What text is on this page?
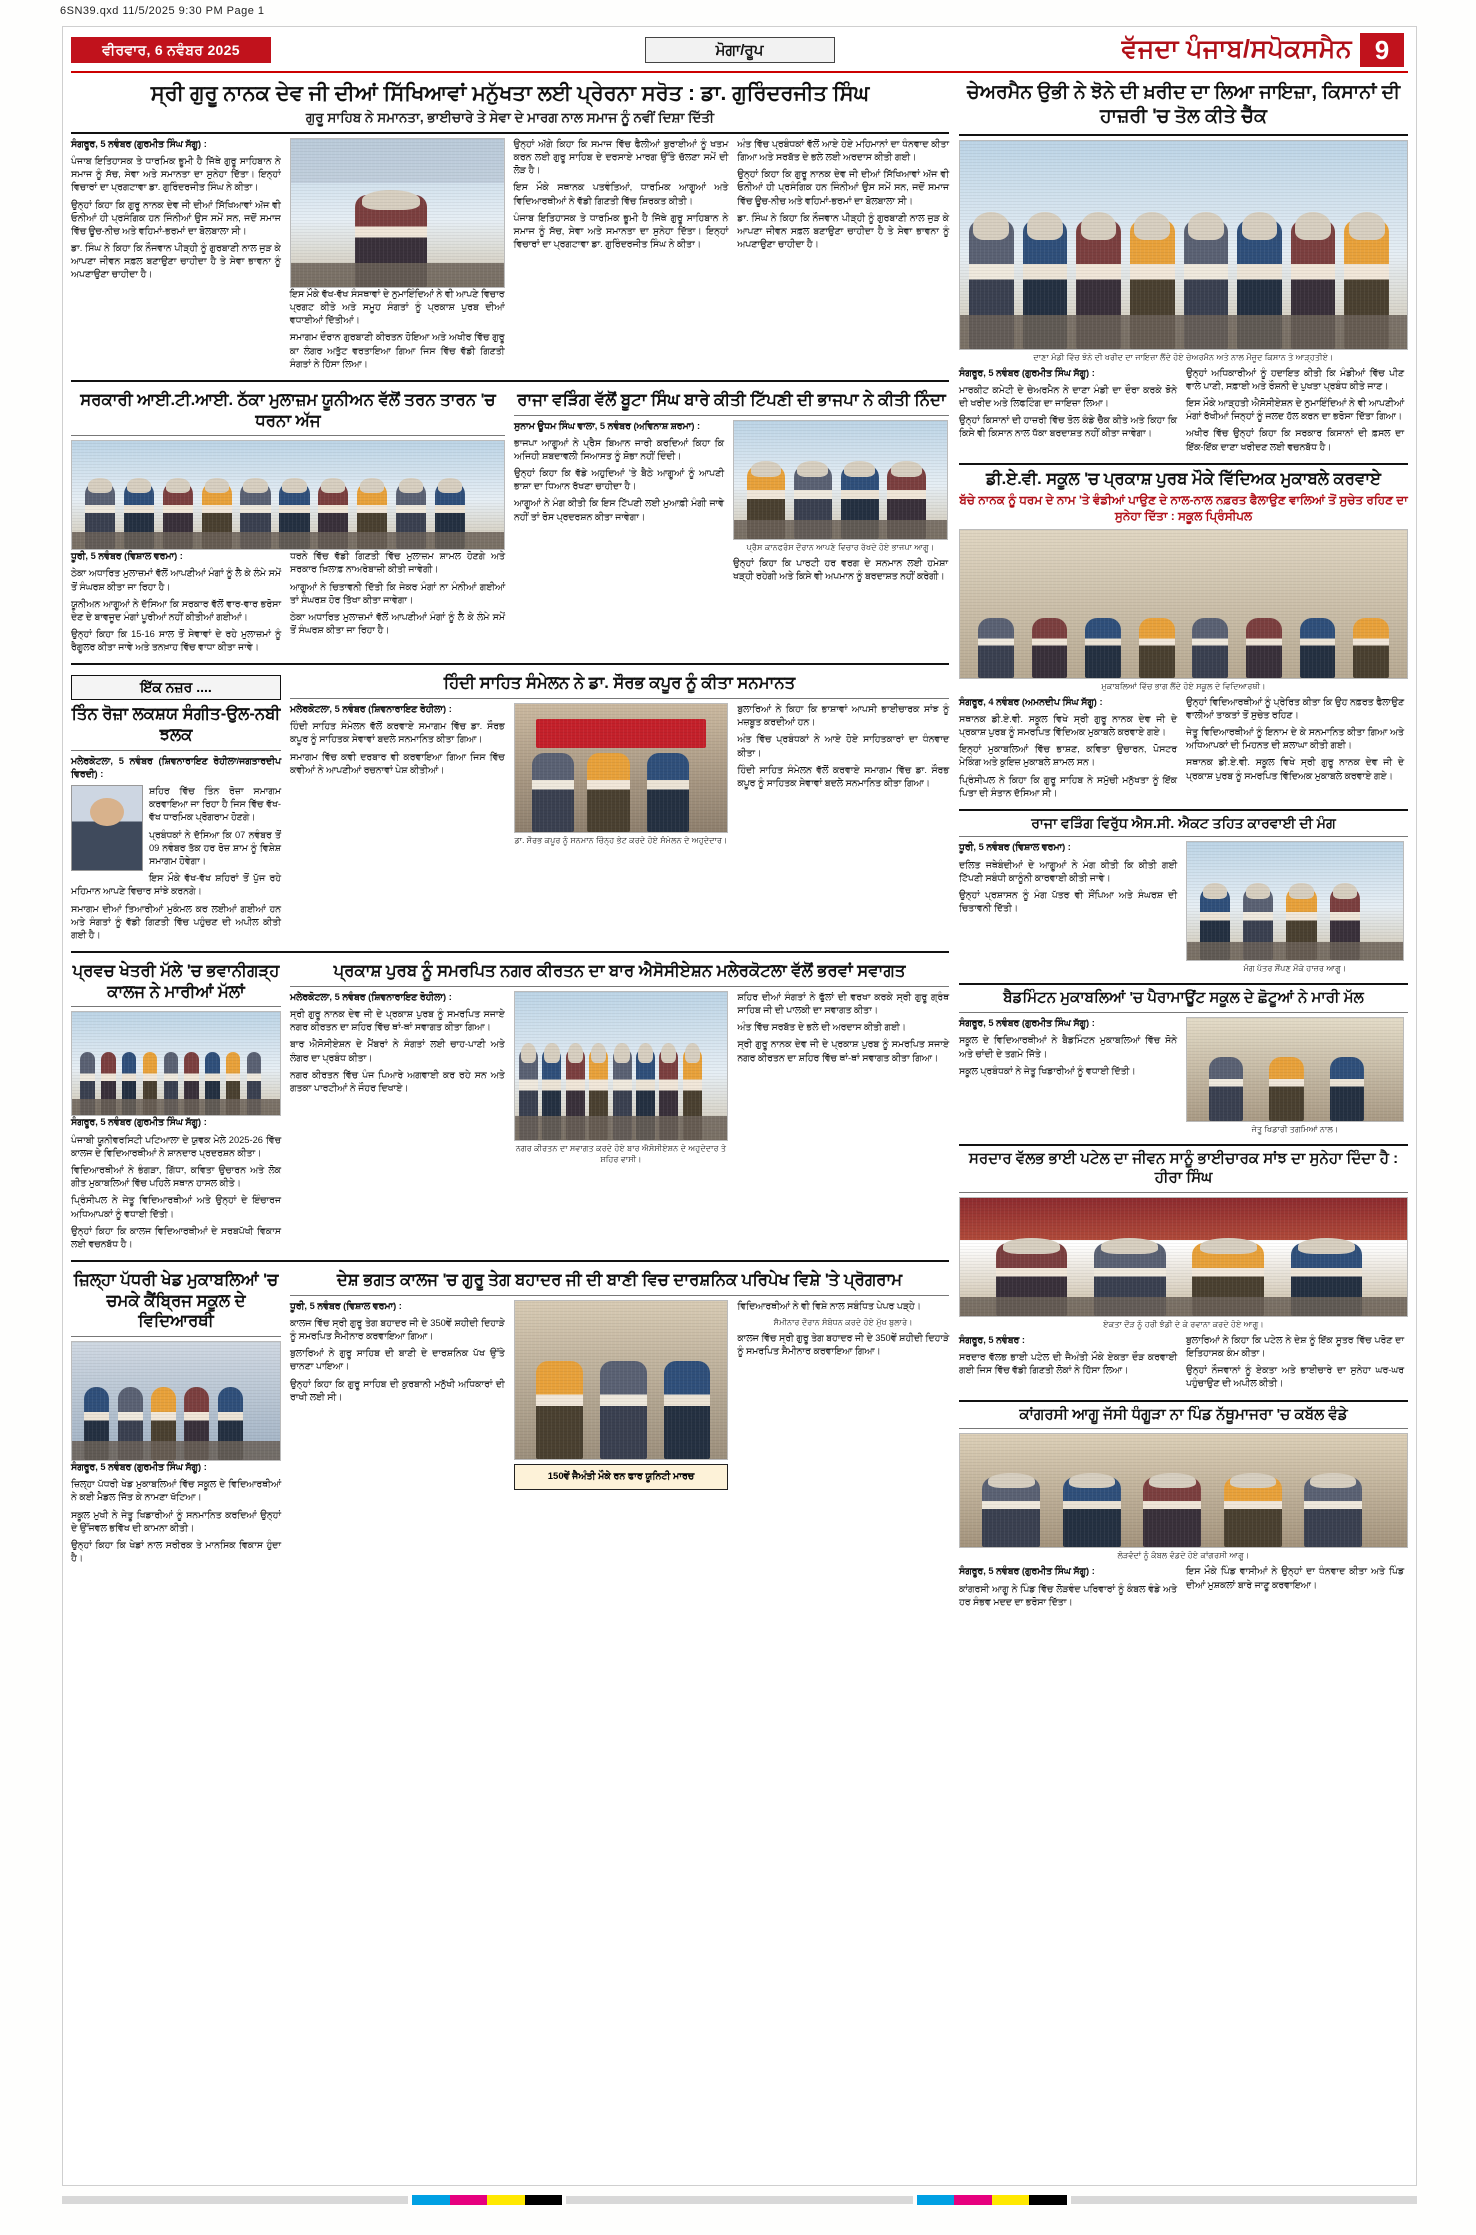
6SN39.qxd 11/5/2025 9:30 PM Page 1
ਵੀਰਵਾਰ, 6 ਨਵੰਬਰ 2025	ਮੋਗਾ/ਰੂਪ	ਵੱਜਦਾ ਪੰਜਾਬ/ਸਪੋਕਸਮੈਨ 9
ਸ੍ਰੀ ਗੁਰੂ ਨਾਨਕ ਦੇਵ ਜੀ ਦੀਆਂ ਸਿੱਖਿਆਵਾਂ ਮਨੁੱਖਤਾ ਲਈ ਪ੍ਰੇਰਨਾ ਸਰੋਤ : ਡਾ. ਗੁਰਿੰਦਰਜੀਤ ਸਿੰਘ
ਗੁਰੂ ਸਾਹਿਬ ਨੇ ਸਮਾਨਤਾ, ਭਾਈਚਾਰੇ ਤੇ ਸੇਵਾ ਦੇ ਮਾਰਗ ਨਾਲ ਸਮਾਜ ਨੂੰ ਨਵੀਂ ਦਿਸ਼ਾ ਦਿੱਤੀ

ਸੰਗਰੂਰ, 5 ਨਵੰਬਰ (ਗੁਰਮੀਤ ਸਿੰਘ ਸੱਗੂ) :

ਪੰਜਾਬ ਇਤਿਹਾਸਕ ਤੇ ਧਾਰਮਿਕ ਭੂਮੀ ਹੈ ਜਿੱਥੇ ਗੁਰੂ ਸਾਹਿਬਾਨ ਨੇ ਸਮਾਜ ਨੂੰ ਸੱਚ, ਸੇਵਾ ਅਤੇ ਸਮਾਨਤਾ ਦਾ ਸੁਨੇਹਾ ਦਿੱਤਾ। ਇਨ੍ਹਾਂ ਵਿਚਾਰਾਂ ਦਾ ਪ੍ਰਗਟਾਵਾ ਡਾ. ਗੁਰਿੰਦਰਜੀਤ ਸਿੰਘ ਨੇ ਕੀਤਾ।

ਉਨ੍ਹਾਂ ਕਿਹਾ ਕਿ ਗੁਰੂ ਨਾਨਕ ਦੇਵ ਜੀ ਦੀਆਂ ਸਿੱਖਿਆਵਾਂ ਅੱਜ ਵੀ ਓਨੀਆਂ ਹੀ ਪ੍ਰਸੰਗਿਕ ਹਨ ਜਿੰਨੀਆਂ ਉਸ ਸਮੇਂ ਸਨ, ਜਦੋਂ ਸਮਾਜ ਵਿੱਚ ਊਚ-ਨੀਚ ਅਤੇ ਵਹਿਮਾਂ-ਭਰਮਾਂ ਦਾ ਬੋਲਬਾਲਾ ਸੀ।

ਡਾ. ਸਿੰਘ ਨੇ ਕਿਹਾ ਕਿ ਨੌਜਵਾਨ ਪੀੜ੍ਹੀ ਨੂੰ ਗੁਰਬਾਣੀ ਨਾਲ ਜੁੜ ਕੇ ਆਪਣਾ ਜੀਵਨ ਸਫ਼ਲ ਬਣਾਉਣਾ ਚਾਹੀਦਾ ਹੈ ਤੇ ਸੇਵਾ ਭਾਵਨਾ ਨੂੰ ਅਪਣਾਉਣਾ ਚਾਹੀਦਾ ਹੈ।

ਇਸ ਮੌਕੇ ਵੱਖ-ਵੱਖ ਸੰਸਥਾਵਾਂ ਦੇ ਨੁਮਾਇੰਦਿਆਂ ਨੇ ਵੀ ਆਪਣੇ ਵਿਚਾਰ ਪ੍ਰਗਟ ਕੀਤੇ ਅਤੇ ਸਮੂਹ ਸੰਗਤਾਂ ਨੂੰ ਪ੍ਰਕਾਸ਼ ਪੁਰਬ ਦੀਆਂ ਵਧਾਈਆਂ ਦਿੱਤੀਆਂ।

ਸਮਾਗਮ ਦੌਰਾਨ ਗੁਰਬਾਣੀ ਕੀਰਤਨ ਹੋਇਆ ਅਤੇ ਅਖੀਰ ਵਿੱਚ ਗੁਰੂ ਕਾ ਲੰਗਰ ਅਤੁੱਟ ਵਰਤਾਇਆ ਗਿਆ ਜਿਸ ਵਿੱਚ ਵੱਡੀ ਗਿਣਤੀ ਸੰਗਤਾਂ ਨੇ ਹਿੱਸਾ ਲਿਆ।

ਉਨ੍ਹਾਂ ਅੱਗੇ ਕਿਹਾ ਕਿ ਸਮਾਜ ਵਿੱਚ ਫੈਲੀਆਂ ਬੁਰਾਈਆਂ ਨੂੰ ਖਤਮ ਕਰਨ ਲਈ ਗੁਰੂ ਸਾਹਿਬ ਦੇ ਦਰਸਾਏ ਮਾਰਗ ਉੱਤੇ ਚੱਲਣਾ ਸਮੇਂ ਦੀ ਲੋੜ ਹੈ।

ਇਸ ਮੌਕੇ ਸਥਾਨਕ ਪਤਵੰਤਿਆਂ, ਧਾਰਮਿਕ ਆਗੂਆਂ ਅਤੇ ਵਿਦਿਆਰਥੀਆਂ ਨੇ ਵੱਡੀ ਗਿਣਤੀ ਵਿੱਚ ਸ਼ਿਰਕਤ ਕੀਤੀ।

ਪੰਜਾਬ ਇਤਿਹਾਸਕ ਤੇ ਧਾਰਮਿਕ ਭੂਮੀ ਹੈ ਜਿੱਥੇ ਗੁਰੂ ਸਾਹਿਬਾਨ ਨੇ ਸਮਾਜ ਨੂੰ ਸੱਚ, ਸੇਵਾ ਅਤੇ ਸਮਾਨਤਾ ਦਾ ਸੁਨੇਹਾ ਦਿੱਤਾ। ਇਨ੍ਹਾਂ ਵਿਚਾਰਾਂ ਦਾ ਪ੍ਰਗਟਾਵਾ ਡਾ. ਗੁਰਿੰਦਰਜੀਤ ਸਿੰਘ ਨੇ ਕੀਤਾ।

ਅੰਤ ਵਿੱਚ ਪ੍ਰਬੰਧਕਾਂ ਵੱਲੋਂ ਆਏ ਹੋਏ ਮਹਿਮਾਨਾਂ ਦਾ ਧੰਨਵਾਦ ਕੀਤਾ ਗਿਆ ਅਤੇ ਸਰਬੱਤ ਦੇ ਭਲੇ ਲਈ ਅਰਦਾਸ ਕੀਤੀ ਗਈ।

ਉਨ੍ਹਾਂ ਕਿਹਾ ਕਿ ਗੁਰੂ ਨਾਨਕ ਦੇਵ ਜੀ ਦੀਆਂ ਸਿੱਖਿਆਵਾਂ ਅੱਜ ਵੀ ਓਨੀਆਂ ਹੀ ਪ੍ਰਸੰਗਿਕ ਹਨ ਜਿੰਨੀਆਂ ਉਸ ਸਮੇਂ ਸਨ, ਜਦੋਂ ਸਮਾਜ ਵਿੱਚ ਊਚ-ਨੀਚ ਅਤੇ ਵਹਿਮਾਂ-ਭਰਮਾਂ ਦਾ ਬੋਲਬਾਲਾ ਸੀ।

ਡਾ. ਸਿੰਘ ਨੇ ਕਿਹਾ ਕਿ ਨੌਜਵਾਨ ਪੀੜ੍ਹੀ ਨੂੰ ਗੁਰਬਾਣੀ ਨਾਲ ਜੁੜ ਕੇ ਆਪਣਾ ਜੀਵਨ ਸਫ਼ਲ ਬਣਾਉਣਾ ਚਾਹੀਦਾ ਹੈ ਤੇ ਸੇਵਾ ਭਾਵਨਾ ਨੂੰ ਅਪਣਾਉਣਾ ਚਾਹੀਦਾ ਹੈ।

ਸਰਕਾਰੀ ਆਈ.ਟੀ.ਆਈ. ਠੱਕਾ ਮੁਲਾਜ਼ਮ ਯੂਨੀਅਨ ਵੱਲੋਂ ਤਰਨ ਤਾਰਨ 'ਚ ਧਰਨਾ ਅੱਜ

ਧੂਰੀ, 5 ਨਵੰਬਰ (ਵਿਸ਼ਾਲ ਵਰਮਾ) :

ਠੇਕਾ ਅਧਾਰਿਤ ਮੁਲਾਜ਼ਮਾਂ ਵੱਲੋਂ ਆਪਣੀਆਂ ਮੰਗਾਂ ਨੂੰ ਲੈ ਕੇ ਲੰਮੇ ਸਮੇਂ ਤੋਂ ਸੰਘਰਸ਼ ਕੀਤਾ ਜਾ ਰਿਹਾ ਹੈ।

ਯੂਨੀਅਨ ਆਗੂਆਂ ਨੇ ਦੱਸਿਆ ਕਿ ਸਰਕਾਰ ਵੱਲੋਂ ਵਾਰ-ਵਾਰ ਭਰੋਸਾ ਦੇਣ ਦੇ ਬਾਵਜੂਦ ਮੰਗਾਂ ਪੂਰੀਆਂ ਨਹੀਂ ਕੀਤੀਆਂ ਗਈਆਂ।

ਉਨ੍ਹਾਂ ਕਿਹਾ ਕਿ 15-16 ਸਾਲ ਤੋਂ ਸੇਵਾਵਾਂ ਦੇ ਰਹੇ ਮੁਲਾਜ਼ਮਾਂ ਨੂੰ ਰੈਗੂਲਰ ਕੀਤਾ ਜਾਵੇ ਅਤੇ ਤਨਖ਼ਾਹ ਵਿੱਚ ਵਾਧਾ ਕੀਤਾ ਜਾਵੇ।

ਧਰਨੇ ਵਿੱਚ ਵੱਡੀ ਗਿਣਤੀ ਵਿੱਚ ਮੁਲਾਜ਼ਮ ਸ਼ਾਮਲ ਹੋਣਗੇ ਅਤੇ ਸਰਕਾਰ ਖ਼ਿਲਾਫ਼ ਨਾਅਰੇਬਾਜ਼ੀ ਕੀਤੀ ਜਾਵੇਗੀ।

ਆਗੂਆਂ ਨੇ ਚਿਤਾਵਨੀ ਦਿੱਤੀ ਕਿ ਜੇਕਰ ਮੰਗਾਂ ਨਾ ਮੰਨੀਆਂ ਗਈਆਂ ਤਾਂ ਸੰਘਰਸ਼ ਹੋਰ ਤਿੱਖਾ ਕੀਤਾ ਜਾਵੇਗਾ।

ਠੇਕਾ ਅਧਾਰਿਤ ਮੁਲਾਜ਼ਮਾਂ ਵੱਲੋਂ ਆਪਣੀਆਂ ਮੰਗਾਂ ਨੂੰ ਲੈ ਕੇ ਲੰਮੇ ਸਮੇਂ ਤੋਂ ਸੰਘਰਸ਼ ਕੀਤਾ ਜਾ ਰਿਹਾ ਹੈ।

ਰਾਜਾ ਵੜਿੰਗ ਵੱਲੋਂ ਬੂਟਾ ਸਿੰਘ ਬਾਰੇ ਕੀਤੀ ਟਿੱਪਣੀ ਦੀ ਭਾਜਪਾ ਨੇ ਕੀਤੀ ਨਿੰਦਾ

ਸੁਨਾਮ ਊਧਮ ਸਿੰਘ ਵਾਲਾ, 5 ਨਵੰਬਰ (ਅਵਿਨਾਸ਼ ਸ਼ਰਮਾ) :

ਭਾਜਪਾ ਆਗੂਆਂ ਨੇ ਪ੍ਰੈਸ ਬਿਆਨ ਜਾਰੀ ਕਰਦਿਆਂ ਕਿਹਾ ਕਿ ਅਜਿਹੀ ਸ਼ਬਦਾਵਲੀ ਸਿਆਸਤ ਨੂੰ ਸ਼ੋਭਾ ਨਹੀਂ ਦਿੰਦੀ।

ਉਨ੍ਹਾਂ ਕਿਹਾ ਕਿ ਵੱਡੇ ਅਹੁਦਿਆਂ 'ਤੇ ਬੈਠੇ ਆਗੂਆਂ ਨੂੰ ਆਪਣੀ ਭਾਸ਼ਾ ਦਾ ਧਿਆਨ ਰੱਖਣਾ ਚਾਹੀਦਾ ਹੈ।

ਆਗੂਆਂ ਨੇ ਮੰਗ ਕੀਤੀ ਕਿ ਇਸ ਟਿੱਪਣੀ ਲਈ ਮੁਆਫ਼ੀ ਮੰਗੀ ਜਾਵੇ ਨਹੀਂ ਤਾਂ ਰੋਸ ਪ੍ਰਦਰਸ਼ਨ ਕੀਤਾ ਜਾਵੇਗਾ।

ਪ੍ਰੈਸ ਕਾਨਫਰੰਸ ਦੌਰਾਨ ਆਪਣੇ ਵਿਚਾਰ ਰੱਖਦੇ ਹੋਏ ਭਾਜਪਾ ਆਗੂ।

ਉਨ੍ਹਾਂ ਕਿਹਾ ਕਿ ਪਾਰਟੀ ਹਰ ਵਰਗ ਦੇ ਸਨਮਾਨ ਲਈ ਹਮੇਸ਼ਾ ਖੜ੍ਹੀ ਰਹੇਗੀ ਅਤੇ ਕਿਸੇ ਵੀ ਅਪਮਾਨ ਨੂੰ ਬਰਦਾਸ਼ਤ ਨਹੀਂ ਕਰੇਗੀ।

ਇੱਕ ਨਜ਼ਰ ....
ਤਿੰਨ ਰੋਜ਼ਾ ਲਕਸ਼ਯ ਸੰਗੀਤ-ਉਲ-ਨਬੀ ਝਲਕ

ਮਲੇਰਕੋਟਲਾ, 5 ਨਵੰਬਰ (ਸ਼ਿਵਨਾਰਾਇਣ ਰੋਹੀਲਾ/ਜਗਤਾਰਦੀਪ ਵਿਰਦੀ) :

ਸ਼ਹਿਰ ਵਿੱਚ ਤਿੰਨ ਰੋਜ਼ਾ ਸਮਾਗਮ ਕਰਵਾਇਆ ਜਾ ਰਿਹਾ ਹੈ ਜਿਸ ਵਿੱਚ ਵੱਖ-ਵੱਖ ਧਾਰਮਿਕ ਪ੍ਰੋਗਰਾਮ ਹੋਣਗੇ।

ਪ੍ਰਬੰਧਕਾਂ ਨੇ ਦੱਸਿਆ ਕਿ 07 ਨਵੰਬਰ ਤੋਂ 09 ਨਵੰਬਰ ਤੱਕ ਹਰ ਰੋਜ਼ ਸ਼ਾਮ ਨੂੰ ਵਿਸ਼ੇਸ਼ ਸਮਾਗਮ ਹੋਵੇਗਾ।

ਇਸ ਮੌਕੇ ਵੱਖ-ਵੱਖ ਸ਼ਹਿਰਾਂ ਤੋਂ ਪੁੱਜ ਰਹੇ ਮਹਿਮਾਨ ਆਪਣੇ ਵਿਚਾਰ ਸਾਂਝੇ ਕਰਨਗੇ।

ਸਮਾਗਮ ਦੀਆਂ ਤਿਆਰੀਆਂ ਮੁਕੰਮਲ ਕਰ ਲਈਆਂ ਗਈਆਂ ਹਨ ਅਤੇ ਸੰਗਤਾਂ ਨੂੰ ਵੱਡੀ ਗਿਣਤੀ ਵਿੱਚ ਪਹੁੰਚਣ ਦੀ ਅਪੀਲ ਕੀਤੀ ਗਈ ਹੈ।

ਹਿੰਦੀ ਸਾਹਿਤ ਸੰਮੇਲਨ ਨੇ ਡਾ. ਸੌਰਭ ਕਪੂਰ ਨੂੰ ਕੀਤਾ ਸਨਮਾਨਤ

ਮਲੇਰਕੋਟਲਾ, 5 ਨਵੰਬਰ (ਸ਼ਿਵਨਾਰਾਇਣ ਰੋਹੀਲਾ) :

ਹਿੰਦੀ ਸਾਹਿਤ ਸੰਮੇਲਨ ਵੱਲੋਂ ਕਰਵਾਏ ਸਮਾਗਮ ਵਿੱਚ ਡਾ. ਸੌਰਭ ਕਪੂਰ ਨੂੰ ਸਾਹਿਤਕ ਸੇਵਾਵਾਂ ਬਦਲੇ ਸਨਮਾਨਿਤ ਕੀਤਾ ਗਿਆ।

ਸਮਾਗਮ ਵਿੱਚ ਕਵੀ ਦਰਬਾਰ ਵੀ ਕਰਵਾਇਆ ਗਿਆ ਜਿਸ ਵਿੱਚ ਕਵੀਆਂ ਨੇ ਆਪਣੀਆਂ ਰਚਨਾਵਾਂ ਪੇਸ਼ ਕੀਤੀਆਂ।

ਡਾ. ਸੌਰਭ ਕਪੂਰ ਨੂੰ ਸਨਮਾਨ ਚਿੰਨ੍ਹ ਭੇਟ ਕਰਦੇ ਹੋਏ ਸੰਮੇਲਨ ਦੇ ਅਹੁਦੇਦਾਰ।

ਬੁਲਾਰਿਆਂ ਨੇ ਕਿਹਾ ਕਿ ਭਾਸ਼ਾਵਾਂ ਆਪਸੀ ਭਾਈਚਾਰਕ ਸਾਂਝ ਨੂੰ ਮਜ਼ਬੂਤ ਕਰਦੀਆਂ ਹਨ।

ਅੰਤ ਵਿੱਚ ਪ੍ਰਬੰਧਕਾਂ ਨੇ ਆਏ ਹੋਏ ਸਾਹਿਤਕਾਰਾਂ ਦਾ ਧੰਨਵਾਦ ਕੀਤਾ।

ਹਿੰਦੀ ਸਾਹਿਤ ਸੰਮੇਲਨ ਵੱਲੋਂ ਕਰਵਾਏ ਸਮਾਗਮ ਵਿੱਚ ਡਾ. ਸੌਰਭ ਕਪੂਰ ਨੂੰ ਸਾਹਿਤਕ ਸੇਵਾਵਾਂ ਬਦਲੇ ਸਨਮਾਨਿਤ ਕੀਤਾ ਗਿਆ।

ਪ੍ਰਵਚ ਖੇਤਰੀ ਮੱਲੇ 'ਚ ਭਵਾਨੀਗੜ੍ਹ ਕਾਲਜ ਨੇ ਮਾਰੀਆਂ ਮੱਲਾਂ

ਸੰਗਰੂਰ, 5 ਨਵੰਬਰ (ਗੁਰਮੀਤ ਸਿੰਘ ਸੱਗੂ) :

ਪੰਜਾਬੀ ਯੂਨੀਵਰਸਿਟੀ ਪਟਿਆਲਾ ਦੇ ਯੁਵਕ ਮੇਲੇ 2025-26 ਵਿੱਚ ਕਾਲਜ ਦੇ ਵਿਦਿਆਰਥੀਆਂ ਨੇ ਸ਼ਾਨਦਾਰ ਪ੍ਰਦਰਸ਼ਨ ਕੀਤਾ।

ਵਿਦਿਆਰਥੀਆਂ ਨੇ ਭੰਗੜਾ, ਗਿੱਧਾ, ਕਵਿਤਾ ਉਚਾਰਨ ਅਤੇ ਲੋਕ ਗੀਤ ਮੁਕਾਬਲਿਆਂ ਵਿੱਚ ਪਹਿਲੇ ਸਥਾਨ ਹਾਸਲ ਕੀਤੇ।

ਪ੍ਰਿੰਸੀਪਲ ਨੇ ਜੇਤੂ ਵਿਦਿਆਰਥੀਆਂ ਅਤੇ ਉਨ੍ਹਾਂ ਦੇ ਇੰਚਾਰਜ ਅਧਿਆਪਕਾਂ ਨੂੰ ਵਧਾਈ ਦਿੱਤੀ।

ਉਨ੍ਹਾਂ ਕਿਹਾ ਕਿ ਕਾਲਜ ਵਿਦਿਆਰਥੀਆਂ ਦੇ ਸਰਬਪੱਖੀ ਵਿਕਾਸ ਲਈ ਵਚਨਬੱਧ ਹੈ।

ਪ੍ਰਕਾਸ਼ ਪੁਰਬ ਨੂੰ ਸਮਰਪਿਤ ਨਗਰ ਕੀਰਤਨ ਦਾ ਬਾਰ ਐਸੋਸੀਏਸ਼ਨ ਮਲੇਰਕੋਟਲਾ ਵੱਲੋਂ ਭਰਵਾਂ ਸਵਾਗਤ

ਮਲੇਰਕੋਟਲਾ, 5 ਨਵੰਬਰ (ਸ਼ਿਵਨਾਰਾਇਣ ਰੋਹੀਲਾ) :

ਸ੍ਰੀ ਗੁਰੂ ਨਾਨਕ ਦੇਵ ਜੀ ਦੇ ਪ੍ਰਕਾਸ਼ ਪੁਰਬ ਨੂੰ ਸਮਰਪਿਤ ਸਜਾਏ ਨਗਰ ਕੀਰਤਨ ਦਾ ਸ਼ਹਿਰ ਵਿੱਚ ਥਾਂ-ਥਾਂ ਸਵਾਗਤ ਕੀਤਾ ਗਿਆ।

ਬਾਰ ਐਸੋਸੀਏਸ਼ਨ ਦੇ ਮੈਂਬਰਾਂ ਨੇ ਸੰਗਤਾਂ ਲਈ ਚਾਹ-ਪਾਣੀ ਅਤੇ ਲੰਗਰ ਦਾ ਪ੍ਰਬੰਧ ਕੀਤਾ।

ਨਗਰ ਕੀਰਤਨ ਵਿੱਚ ਪੰਜ ਪਿਆਰੇ ਅਗਵਾਈ ਕਰ ਰਹੇ ਸਨ ਅਤੇ ਗਤਕਾ ਪਾਰਟੀਆਂ ਨੇ ਜੌਹਰ ਦਿਖਾਏ।

ਨਗਰ ਕੀਰਤਨ ਦਾ ਸਵਾਗਤ ਕਰਦੇ ਹੋਏ ਬਾਰ ਐਸੋਸੀਏਸ਼ਨ ਦੇ ਅਹੁਦੇਦਾਰ ਤੇ ਸ਼ਹਿਰ ਵਾਸੀ।

ਸ਼ਹਿਰ ਦੀਆਂ ਸੰਗਤਾਂ ਨੇ ਫੁੱਲਾਂ ਦੀ ਵਰਖਾ ਕਰਕੇ ਸ੍ਰੀ ਗੁਰੂ ਗ੍ਰੰਥ ਸਾਹਿਬ ਜੀ ਦੀ ਪਾਲਕੀ ਦਾ ਸਵਾਗਤ ਕੀਤਾ।

ਅੰਤ ਵਿੱਚ ਸਰਬੱਤ ਦੇ ਭਲੇ ਦੀ ਅਰਦਾਸ ਕੀਤੀ ਗਈ।

ਸ੍ਰੀ ਗੁਰੂ ਨਾਨਕ ਦੇਵ ਜੀ ਦੇ ਪ੍ਰਕਾਸ਼ ਪੁਰਬ ਨੂੰ ਸਮਰਪਿਤ ਸਜਾਏ ਨਗਰ ਕੀਰਤਨ ਦਾ ਸ਼ਹਿਰ ਵਿੱਚ ਥਾਂ-ਥਾਂ ਸਵਾਗਤ ਕੀਤਾ ਗਿਆ।

ਜ਼ਿਲ੍ਹਾ ਪੱਧਰੀ ਖੇਡ ਮੁਕਾਬਲਿਆਂ 'ਚ ਚਮਕੇ ਕੈਂਬ੍ਰਿਜ ਸਕੂਲ ਦੇ ਵਿਦਿਆਰਥੀ

ਸੰਗਰੂਰ, 5 ਨਵੰਬਰ (ਗੁਰਮੀਤ ਸਿੰਘ ਸੱਗੂ) :

ਜ਼ਿਲ੍ਹਾ ਪੱਧਰੀ ਖੇਡ ਮੁਕਾਬਲਿਆਂ ਵਿੱਚ ਸਕੂਲ ਦੇ ਵਿਦਿਆਰਥੀਆਂ ਨੇ ਕਈ ਮੈਡਲ ਜਿੱਤ ਕੇ ਨਾਮਣਾ ਖੱਟਿਆ।

ਸਕੂਲ ਮੁਖੀ ਨੇ ਜੇਤੂ ਖਿਡਾਰੀਆਂ ਨੂੰ ਸਨਮਾਨਿਤ ਕਰਦਿਆਂ ਉਨ੍ਹਾਂ ਦੇ ਉੱਜਵਲ ਭਵਿੱਖ ਦੀ ਕਾਮਨਾ ਕੀਤੀ।

ਉਨ੍ਹਾਂ ਕਿਹਾ ਕਿ ਖੇਡਾਂ ਨਾਲ ਸਰੀਰਕ ਤੇ ਮਾਨਸਿਕ ਵਿਕਾਸ ਹੁੰਦਾ ਹੈ।

ਦੇਸ਼ ਭਗਤ ਕਾਲਜ 'ਚ ਗੁਰੂ ਤੇਗ ਬਹਾਦਰ ਜੀ ਦੀ ਬਾਣੀ ਵਿਚ ਦਾਰਸ਼ਨਿਕ ਪਰਿਪੇਖ ਵਿਸ਼ੇ 'ਤੇ ਪ੍ਰੋਗਰਾਮ

ਧੂਰੀ, 5 ਨਵੰਬਰ (ਵਿਸ਼ਾਲ ਵਰਮਾ) :

ਕਾਲਜ ਵਿੱਚ ਸ੍ਰੀ ਗੁਰੂ ਤੇਗ ਬਹਾਦਰ ਜੀ ਦੇ 350ਵੇਂ ਸ਼ਹੀਦੀ ਦਿਹਾੜੇ ਨੂੰ ਸਮਰਪਿਤ ਸੈਮੀਨਾਰ ਕਰਵਾਇਆ ਗਿਆ।

ਬੁਲਾਰਿਆਂ ਨੇ ਗੁਰੂ ਸਾਹਿਬ ਦੀ ਬਾਣੀ ਦੇ ਦਾਰਸ਼ਨਿਕ ਪੱਖ ਉੱਤੇ ਚਾਨਣਾ ਪਾਇਆ।

ਉਨ੍ਹਾਂ ਕਿਹਾ ਕਿ ਗੁਰੂ ਸਾਹਿਬ ਦੀ ਕੁਰਬਾਨੀ ਮਨੁੱਖੀ ਅਧਿਕਾਰਾਂ ਦੀ ਰਾਖੀ ਲਈ ਸੀ।

150ਵੇਂ ਜੈਅੰਤੀ ਮੌਕੇ ਰਨ ਫਾਰ ਯੂਨਿਟੀ ਮਾਰਚ

ਵਿਦਿਆਰਥੀਆਂ ਨੇ ਵੀ ਵਿਸ਼ੇ ਨਾਲ ਸਬੰਧਿਤ ਪੇਪਰ ਪੜ੍ਹੇ।

ਸੈਮੀਨਾਰ ਦੌਰਾਨ ਸੰਬੋਧਨ ਕਰਦੇ ਹੋਏ ਮੁੱਖ ਬੁਲਾਰੇ।

ਕਾਲਜ ਵਿੱਚ ਸ੍ਰੀ ਗੁਰੂ ਤੇਗ ਬਹਾਦਰ ਜੀ ਦੇ 350ਵੇਂ ਸ਼ਹੀਦੀ ਦਿਹਾੜੇ ਨੂੰ ਸਮਰਪਿਤ ਸੈਮੀਨਾਰ ਕਰਵਾਇਆ ਗਿਆ।

ਚੇਅਰਮੈਨ ਉਭੀ ਨੇ ਝੋਨੇ ਦੀ ਖ਼ਰੀਦ ਦਾ ਲਿਆ ਜਾਇਜ਼ਾ, ਕਿਸਾਨਾਂ ਦੀ ਹਾਜ਼ਰੀ 'ਚ ਤੋਲ ਕੀਤੇ ਚੈੱਕ

ਦਾਣਾ ਮੰਡੀ ਵਿੱਚ ਝੋਨੇ ਦੀ ਖਰੀਦ ਦਾ ਜਾਇਜ਼ਾ ਲੈਂਦੇ ਹੋਏ ਚੇਅਰਮੈਨ ਅਤੇ ਨਾਲ ਮੌਜੂਦ ਕਿਸਾਨ ਤੇ ਆੜ੍ਹਤੀਏ।

ਸੰਗਰੂਰ, 5 ਨਵੰਬਰ (ਗੁਰਮੀਤ ਸਿੰਘ ਸੱਗੂ) :

ਮਾਰਕੀਟ ਕਮੇਟੀ ਦੇ ਚੇਅਰਮੈਨ ਨੇ ਦਾਣਾ ਮੰਡੀ ਦਾ ਦੌਰਾ ਕਰਕੇ ਝੋਨੇ ਦੀ ਖਰੀਦ ਅਤੇ ਲਿਫਟਿੰਗ ਦਾ ਜਾਇਜ਼ਾ ਲਿਆ।

ਉਨ੍ਹਾਂ ਕਿਸਾਨਾਂ ਦੀ ਹਾਜ਼ਰੀ ਵਿੱਚ ਤੋਲ ਕੰਡੇ ਚੈੱਕ ਕੀਤੇ ਅਤੇ ਕਿਹਾ ਕਿ ਕਿਸੇ ਵੀ ਕਿਸਾਨ ਨਾਲ ਧੱਕਾ ਬਰਦਾਸ਼ਤ ਨਹੀਂ ਕੀਤਾ ਜਾਵੇਗਾ।

ਉਨ੍ਹਾਂ ਅਧਿਕਾਰੀਆਂ ਨੂੰ ਹਦਾਇਤ ਕੀਤੀ ਕਿ ਮੰਡੀਆਂ ਵਿੱਚ ਪੀਣ ਵਾਲੇ ਪਾਣੀ, ਸਫ਼ਾਈ ਅਤੇ ਰੌਸ਼ਨੀ ਦੇ ਪੁਖਤਾ ਪ੍ਰਬੰਧ ਕੀਤੇ ਜਾਣ।

ਇਸ ਮੌਕੇ ਆੜ੍ਹਤੀ ਐਸੋਸੀਏਸ਼ਨ ਦੇ ਨੁਮਾਇੰਦਿਆਂ ਨੇ ਵੀ ਆਪਣੀਆਂ ਮੰਗਾਂ ਰੱਖੀਆਂ ਜਿਨ੍ਹਾਂ ਨੂੰ ਜਲਦ ਹੱਲ ਕਰਨ ਦਾ ਭਰੋਸਾ ਦਿੱਤਾ ਗਿਆ।

ਅਖੀਰ ਵਿੱਚ ਉਨ੍ਹਾਂ ਕਿਹਾ ਕਿ ਸਰਕਾਰ ਕਿਸਾਨਾਂ ਦੀ ਫ਼ਸਲ ਦਾ ਇੱਕ-ਇੱਕ ਦਾਣਾ ਖਰੀਦਣ ਲਈ ਵਚਨਬੱਧ ਹੈ।

ਡੀ.ਏ.ਵੀ. ਸਕੂਲ 'ਚ ਪ੍ਰਕਾਸ਼ ਪੁਰਬ ਮੌਕੇ ਵਿੱਦਿਅਕ ਮੁਕਾਬਲੇ ਕਰਵਾਏ
ਬੱਚੇ ਨਾਨਕ ਨੂੰ ਧਰਮ ਦੇ ਨਾਮ 'ਤੇ ਵੰਡੀਆਂ ਪਾਉਣ ਦੇ ਨਾਲ-ਨਾਲ ਨਫ਼ਰਤ ਫੈਲਾਉਣ ਵਾਲਿਆਂ ਤੋਂ ਸੁਚੇਤ ਰਹਿਣ ਦਾ ਸੁਨੇਹਾ ਦਿੱਤਾ : ਸਕੂਲ ਪ੍ਰਿੰਸੀਪਲ

ਮੁਕਾਬਲਿਆਂ ਵਿੱਚ ਭਾਗ ਲੈਂਦੇ ਹੋਏ ਸਕੂਲ ਦੇ ਵਿਦਿਆਰਥੀ।

ਸੰਗਰੂਰ, 4 ਨਵੰਬਰ (ਅਮਨਦੀਪ ਸਿੰਘ ਸੱਗੂ) :

ਸਥਾਨਕ ਡੀ.ਏ.ਵੀ. ਸਕੂਲ ਵਿਖੇ ਸ੍ਰੀ ਗੁਰੂ ਨਾਨਕ ਦੇਵ ਜੀ ਦੇ ਪ੍ਰਕਾਸ਼ ਪੁਰਬ ਨੂੰ ਸਮਰਪਿਤ ਵਿੱਦਿਅਕ ਮੁਕਾਬਲੇ ਕਰਵਾਏ ਗਏ।

ਇਨ੍ਹਾਂ ਮੁਕਾਬਲਿਆਂ ਵਿੱਚ ਭਾਸ਼ਣ, ਕਵਿਤਾ ਉਚਾਰਨ, ਪੋਸਟਰ ਮੇਕਿੰਗ ਅਤੇ ਕੁਇਜ਼ ਮੁਕਾਬਲੇ ਸ਼ਾਮਲ ਸਨ।

ਪ੍ਰਿੰਸੀਪਲ ਨੇ ਕਿਹਾ ਕਿ ਗੁਰੂ ਸਾਹਿਬ ਨੇ ਸਮੁੱਚੀ ਮਨੁੱਖਤਾ ਨੂੰ ਇੱਕ ਪਿਤਾ ਦੀ ਸੰਤਾਨ ਦੱਸਿਆ ਸੀ।

ਉਨ੍ਹਾਂ ਵਿਦਿਆਰਥੀਆਂ ਨੂੰ ਪ੍ਰੇਰਿਤ ਕੀਤਾ ਕਿ ਉਹ ਨਫ਼ਰਤ ਫੈਲਾਉਣ ਵਾਲੀਆਂ ਤਾਕਤਾਂ ਤੋਂ ਸੁਚੇਤ ਰਹਿਣ।

ਜੇਤੂ ਵਿਦਿਆਰਥੀਆਂ ਨੂੰ ਇਨਾਮ ਦੇ ਕੇ ਸਨਮਾਨਿਤ ਕੀਤਾ ਗਿਆ ਅਤੇ ਅਧਿਆਪਕਾਂ ਦੀ ਮਿਹਨਤ ਦੀ ਸ਼ਲਾਘਾ ਕੀਤੀ ਗਈ।

ਸਥਾਨਕ ਡੀ.ਏ.ਵੀ. ਸਕੂਲ ਵਿਖੇ ਸ੍ਰੀ ਗੁਰੂ ਨਾਨਕ ਦੇਵ ਜੀ ਦੇ ਪ੍ਰਕਾਸ਼ ਪੁਰਬ ਨੂੰ ਸਮਰਪਿਤ ਵਿੱਦਿਅਕ ਮੁਕਾਬਲੇ ਕਰਵਾਏ ਗਏ।

ਰਾਜਾ ਵੜਿੰਗ ਵਿਰੁੱਧ ਐਸ.ਸੀ. ਐਕਟ ਤਹਿਤ ਕਾਰਵਾਈ ਦੀ ਮੰਗ

ਧੂਰੀ, 5 ਨਵੰਬਰ (ਵਿਸ਼ਾਲ ਵਰਮਾ) :

ਦਲਿਤ ਜਥੇਬੰਦੀਆਂ ਦੇ ਆਗੂਆਂ ਨੇ ਮੰਗ ਕੀਤੀ ਕਿ ਕੀਤੀ ਗਈ ਟਿੱਪਣੀ ਸਬੰਧੀ ਕਾਨੂੰਨੀ ਕਾਰਵਾਈ ਕੀਤੀ ਜਾਵੇ।

ਉਨ੍ਹਾਂ ਪ੍ਰਸ਼ਾਸਨ ਨੂੰ ਮੰਗ ਪੱਤਰ ਵੀ ਸੌਂਪਿਆ ਅਤੇ ਸੰਘਰਸ਼ ਦੀ ਚਿਤਾਵਨੀ ਦਿੱਤੀ।

ਮੰਗ ਪੱਤਰ ਸੌਂਪਣ ਮੌਕੇ ਹਾਜ਼ਰ ਆਗੂ।

ਬੈਡਮਿੰਟਨ ਮੁਕਾਬਲਿਆਂ 'ਚ ਪੈਰਾਮਾਊਂਟ ਸਕੂਲ ਦੇ ਛੋਟੂਆਂ ਨੇ ਮਾਰੀ ਮੱਲ

ਸੰਗਰੂਰ, 5 ਨਵੰਬਰ (ਗੁਰਮੀਤ ਸਿੰਘ ਸੱਗੂ) :

ਸਕੂਲ ਦੇ ਵਿਦਿਆਰਥੀਆਂ ਨੇ ਬੈਡਮਿੰਟਨ ਮੁਕਾਬਲਿਆਂ ਵਿੱਚ ਸੋਨੇ ਅਤੇ ਚਾਂਦੀ ਦੇ ਤਗਮੇ ਜਿੱਤੇ।

ਸਕੂਲ ਪ੍ਰਬੰਧਕਾਂ ਨੇ ਜੇਤੂ ਖਿਡਾਰੀਆਂ ਨੂੰ ਵਧਾਈ ਦਿੱਤੀ।

ਜੇਤੂ ਖਿਡਾਰੀ ਤਗਮਿਆਂ ਨਾਲ।

ਸਰਦਾਰ ਵੱਲਭ ਭਾਈ ਪਟੇਲ ਦਾ ਜੀਵਨ ਸਾਨੂੰ ਭਾਈਚਾਰਕ ਸਾਂਝ ਦਾ ਸੁਨੇਹਾ ਦਿੰਦਾ ਹੈ : ਹੀਰਾ ਸਿੰਘ

ਏਕਤਾ ਦੌੜ ਨੂੰ ਹਰੀ ਝੰਡੀ ਦੇ ਕੇ ਰਵਾਨਾ ਕਰਦੇ ਹੋਏ ਆਗੂ।

ਸੰਗਰੂਰ, 5 ਨਵੰਬਰ :

ਸਰਦਾਰ ਵੱਲਭ ਭਾਈ ਪਟੇਲ ਦੀ ਜੈਅੰਤੀ ਮੌਕੇ ਏਕਤਾ ਦੌੜ ਕਰਵਾਈ ਗਈ ਜਿਸ ਵਿੱਚ ਵੱਡੀ ਗਿਣਤੀ ਲੋਕਾਂ ਨੇ ਹਿੱਸਾ ਲਿਆ।

ਬੁਲਾਰਿਆਂ ਨੇ ਕਿਹਾ ਕਿ ਪਟੇਲ ਨੇ ਦੇਸ਼ ਨੂੰ ਇੱਕ ਸੂਤਰ ਵਿੱਚ ਪਰੋਣ ਦਾ ਇਤਿਹਾਸਕ ਕੰਮ ਕੀਤਾ।

ਉਨ੍ਹਾਂ ਨੌਜਵਾਨਾਂ ਨੂੰ ਏਕਤਾ ਅਤੇ ਭਾਈਚਾਰੇ ਦਾ ਸੁਨੇਹਾ ਘਰ-ਘਰ ਪਹੁੰਚਾਉਣ ਦੀ ਅਪੀਲ ਕੀਤੀ।

ਕਾਂਗਰਸੀ ਆਗੂ ਜੱਸੀ ਧੰਗੂੜਾ ਨਾ ਪਿੰਡ ਨੱਥੂਮਾਜਰਾ 'ਚ ਕਬੱਲ ਵੰਡੇ

ਲੋੜਵੰਦਾਂ ਨੂੰ ਕੰਬਲ ਵੰਡਦੇ ਹੋਏ ਕਾਂਗਰਸੀ ਆਗੂ।

ਸੰਗਰੂਰ, 5 ਨਵੰਬਰ (ਗੁਰਮੀਤ ਸਿੰਘ ਸੱਗੂ) :

ਕਾਂਗਰਸੀ ਆਗੂ ਨੇ ਪਿੰਡ ਵਿੱਚ ਲੋੜਵੰਦ ਪਰਿਵਾਰਾਂ ਨੂੰ ਕੰਬਲ ਵੰਡੇ ਅਤੇ ਹਰ ਸੰਭਵ ਮਦਦ ਦਾ ਭਰੋਸਾ ਦਿੱਤਾ।

ਇਸ ਮੌਕੇ ਪਿੰਡ ਵਾਸੀਆਂ ਨੇ ਉਨ੍ਹਾਂ ਦਾ ਧੰਨਵਾਦ ਕੀਤਾ ਅਤੇ ਪਿੰਡ ਦੀਆਂ ਮੁਸ਼ਕਲਾਂ ਬਾਰੇ ਜਾਣੂ ਕਰਵਾਇਆ।
